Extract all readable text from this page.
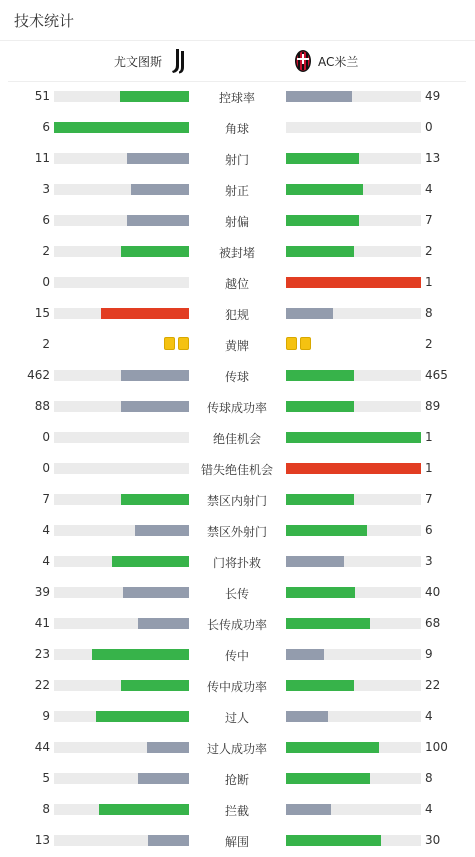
技术统计
尤文图斯	AC米兰
51	控球率	49
6	角球	0
11	射门	13
3	射正	4
6	射偏	7
2	被封堵	2
0	越位	1
15	犯规	8
2	黄牌	2
462	传球	465
88	传球成功率	89
0	绝佳机会	1
0	错失绝佳机会	1
7	禁区内射门	7
4	禁区外射门	6
4	门将扑救	3
39	长传	40
41	长传成功率	68
23	传中	9
22	传中成功率	22
9	过人	4
44	过人成功率	100
5	抢断	8
8	拦截	4
13	解围	30
